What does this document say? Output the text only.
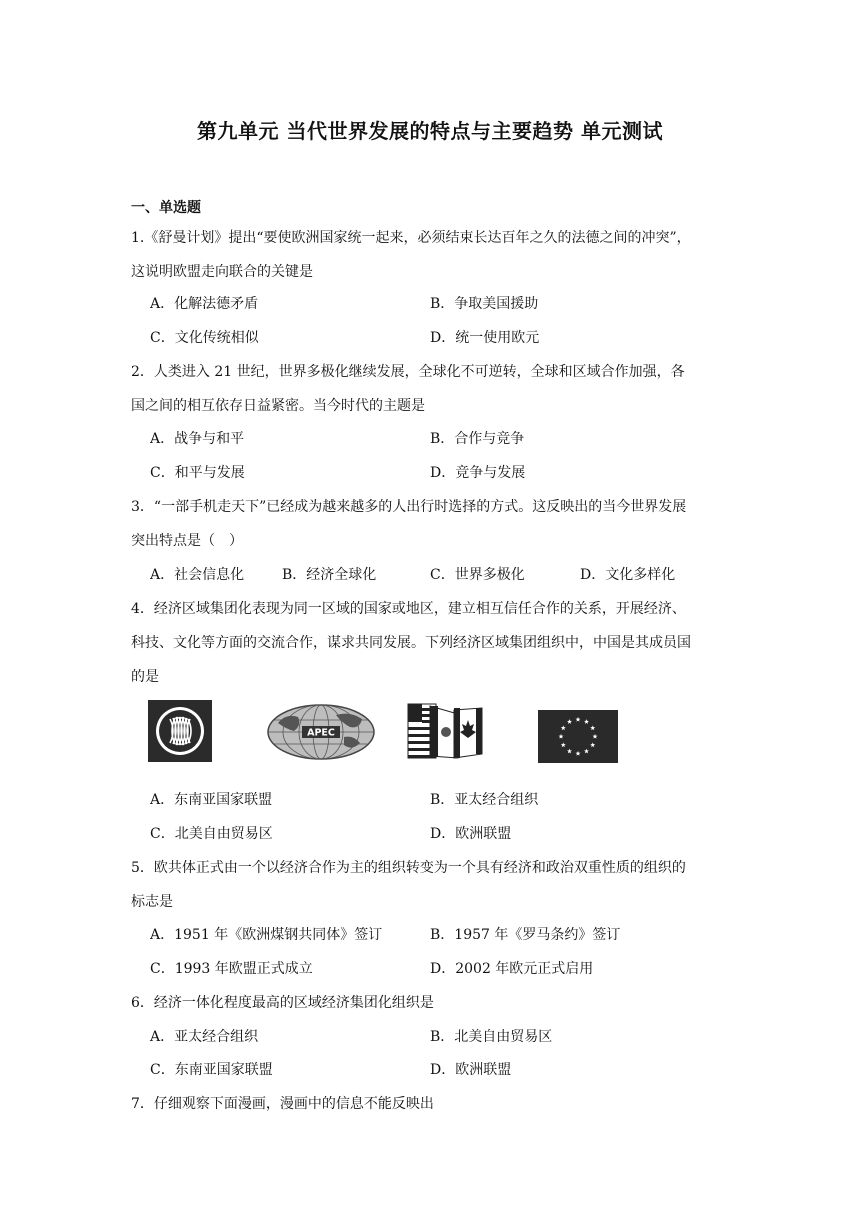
第九单元 当代世界发展的特点与主要趋势 单元测试
一、单选题
1.《舒曼计划》提出“要使欧洲国家统一起来，必须结束长达百年之久的法德之间的冲突”，
这说明欧盟走向联合的关键是
A．化解法德矛盾	B．争取美国援助
C．文化传统相似	D．统一使用欧元
2．人类进入 21 世纪，世界多极化继续发展，全球化不可逆转，全球和区域合作加强，各
国之间的相互依存日益紧密。当今时代的主题是
A．战争与和平	B．合作与竞争
C．和平与发展	D．竞争与发展
3．“一部手机走天下”已经成为越来越多的人出行时选择的方式。这反映出的当今世界发展
突出特点是（　）
A．社会信息化	B．经济全球化	C．世界多极化	D．文化多样化
4．经济区域集团化表现为同一区域的国家或地区，建立相互信任合作的关系，开展经济、
科技、文化等方面的交流合作，谋求共同发展。下列经济区域集团组织中，中国是其成员国
的是
APEC
A．东南亚国家联盟	B．亚太经合组织
C．北美自由贸易区	D．欧洲联盟
5．欧共体正式由一个以经济合作为主的组织转变为一个具有经济和政治双重性质的组织的
标志是
A．1951 年《欧洲煤钢共同体》签订	B．1957 年《罗马条约》签订
C．1993 年欧盟正式成立	D．2002 年欧元正式启用
6．经济一体化程度最高的区域经济集团化组织是
A．亚太经合组织	B．北美自由贸易区
C．东南亚国家联盟	D．欧洲联盟
7．仔细观察下面漫画，漫画中的信息不能反映出
